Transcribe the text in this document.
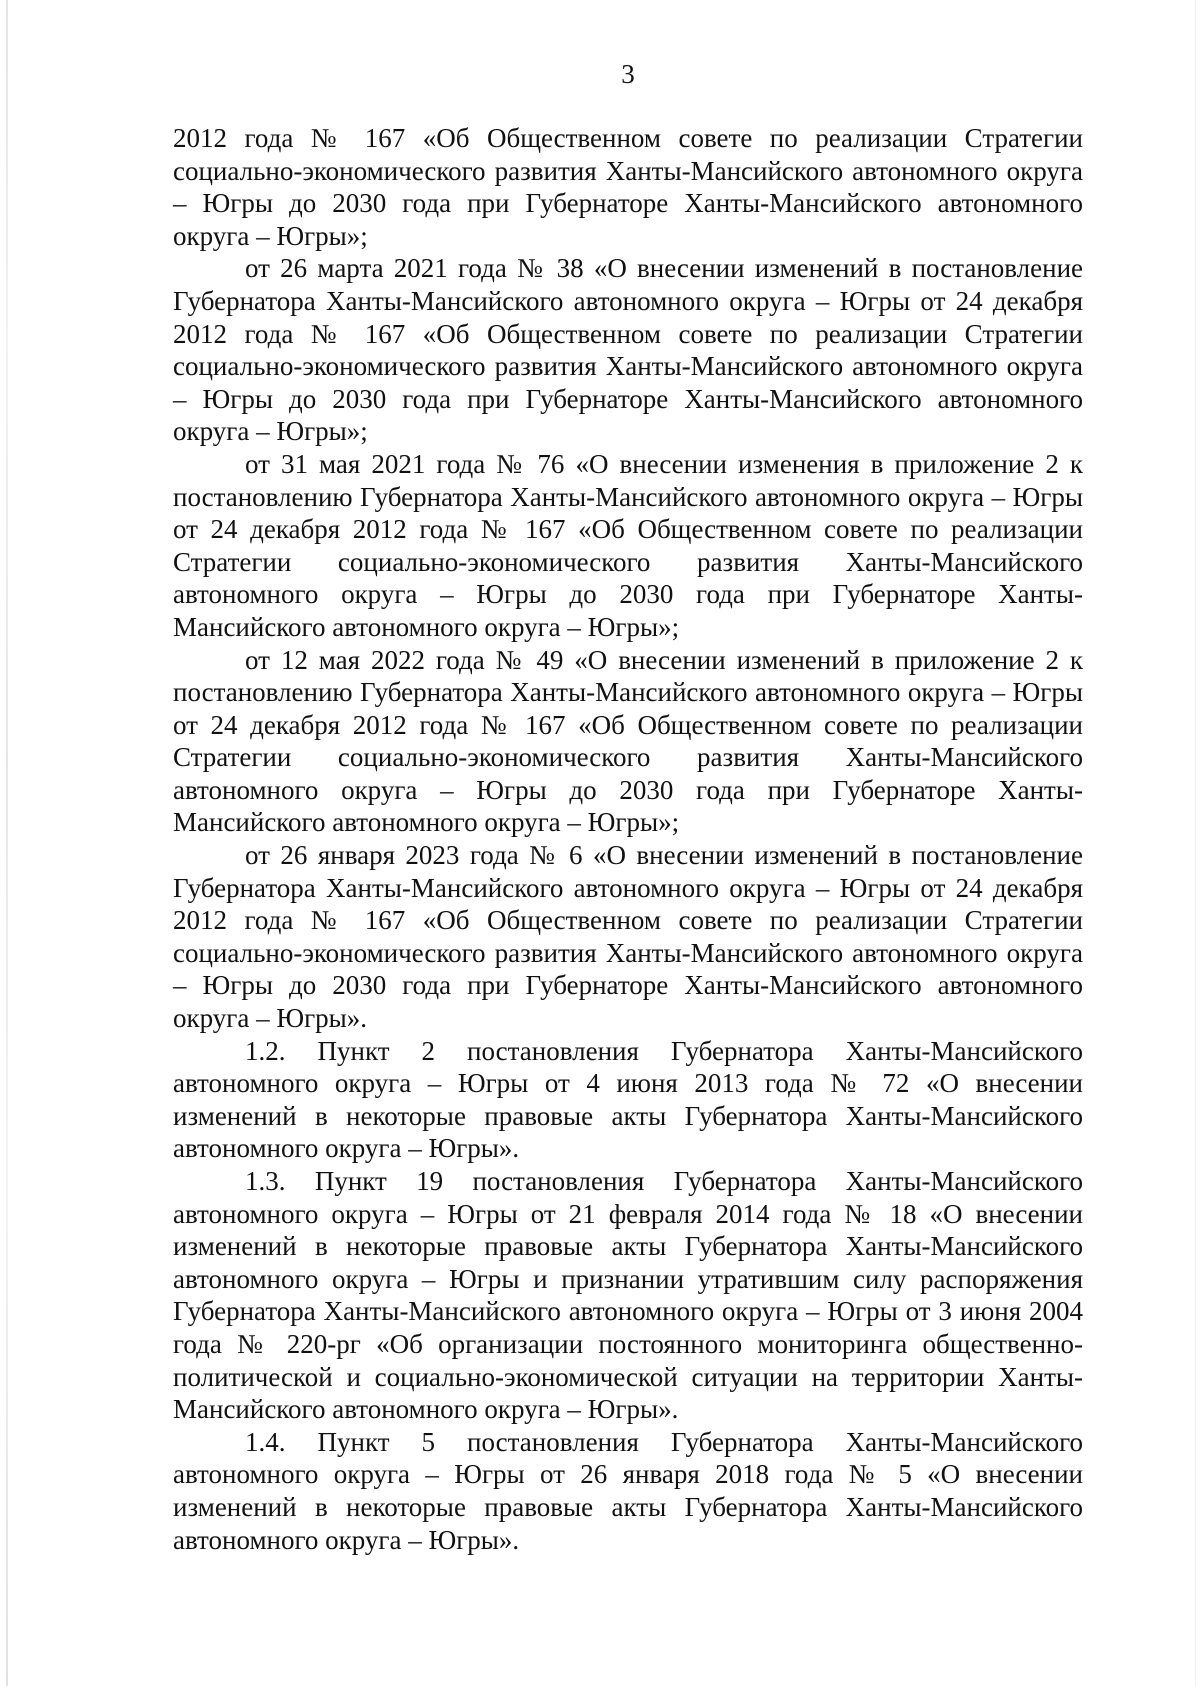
3

2012 года № 167 «Об Общественном совете по реализации Стратегии социально-экономического развития Ханты-Мансийского автономного округа – Югры до 2030 года при Губернаторе Ханты-Мансийского автономного округа – Югры»;

от 26 марта 2021 года № 38 «О внесении изменений в постановление Губернатора Ханты-Мансийского автономного округа – Югры от 24 декабря 2012 года № 167 «Об Общественном совете по реализации Стратегии социально-экономического развития Ханты-Мансийского автономного округа – Югры до 2030 года при Губернаторе Ханты-Мансийского автономного округа – Югры»;

от 31 мая 2021 года № 76 «О внесении изменения в приложение 2 к постановлению Губернатора Ханты-Мансийского автономного округа – Югры от 24 декабря 2012 года № 167 «Об Общественном совете по реализации Стратегии социально-экономического развития Ханты-Мансийского автономного округа – Югры до 2030 года при Губернаторе Ханты-Мансийского автономного округа – Югры»;

от 12 мая 2022 года № 49 «О внесении изменений в приложение 2 к постановлению Губернатора Ханты-Мансийского автономного округа – Югры от 24 декабря 2012 года № 167 «Об Общественном совете по реализации Стратегии социально-экономического развития Ханты-Мансийского автономного округа – Югры до 2030 года при Губернаторе Ханты-Мансийского автономного округа – Югры»;

от 26 января 2023 года № 6 «О внесении изменений в постановление Губернатора Ханты-Мансийского автономного округа – Югры от 24 декабря 2012 года № 167 «Об Общественном совете по реализации Стратегии социально-экономического развития Ханты-Мансийского автономного округа – Югры до 2030 года при Губернаторе Ханты-Мансийского автономного округа – Югры».

1.2. Пункт 2 постановления Губернатора Ханты-Мансийского автономного округа – Югры от 4 июня 2013 года № 72 «О внесении изменений в некоторые правовые акты Губернатора Ханты-Мансийского автономного округа – Югры».

1.3. Пункт 19 постановления Губернатора Ханты-Мансийского автономного округа – Югры от 21 февраля 2014 года № 18 «О внесении изменений в некоторые правовые акты Губернатора Ханты-Мансийского автономного округа – Югры и признании утратившим силу распоряжения Губернатора Ханты-Мансийского автономного округа – Югры от 3 июня 2004 года № 220-рг «Об организации постоянного мониторинга общественно-политической и социально-экономической ситуации на территории Ханты-Мансийского автономного округа – Югры».

1.4. Пункт 5 постановления Губернатора Ханты-Мансийского автономного округа – Югры от 26 января 2018 года № 5 «О внесении изменений в некоторые правовые акты Губернатора Ханты-Мансийского автономного округа – Югры».
